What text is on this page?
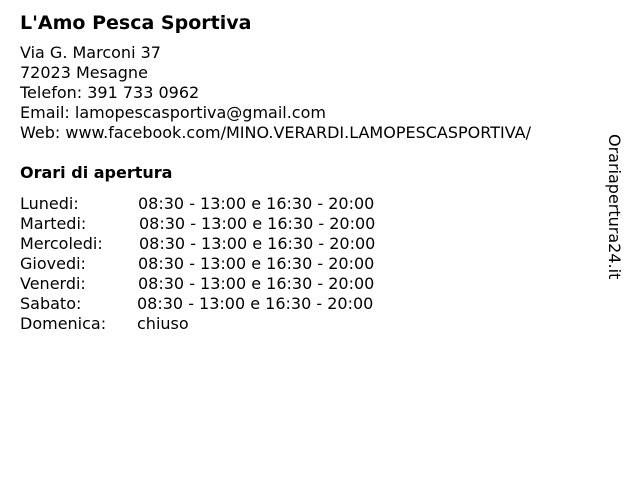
L'Amo Pesca Sportiva
Via G. Marconi 37
72023 Mesagne
Telefon: 391 733 0962
Email: lamopescasportiva@gmail.com
Web: www.facebook.com/MINO.VERARDI.LAMOPESCASPORTIVA/
Orari di apertura
Lunedi:	08:30 - 13:00 e 16:30 - 20:00
Martedi:	08:30 - 13:00 e 16:30 - 20:00
Mercoledi: 08:30 - 13:00 e 16:30 - 20:00
Giovedi:	08:30 - 13:00 e 16:30 - 20:00
Venerdi:	08:30 - 13:00 e 16:30 - 20:00
Sabato:	08:30 - 13:00 e 16:30 - 20:00
Domenica: chiuso
Orariapertura24.it
